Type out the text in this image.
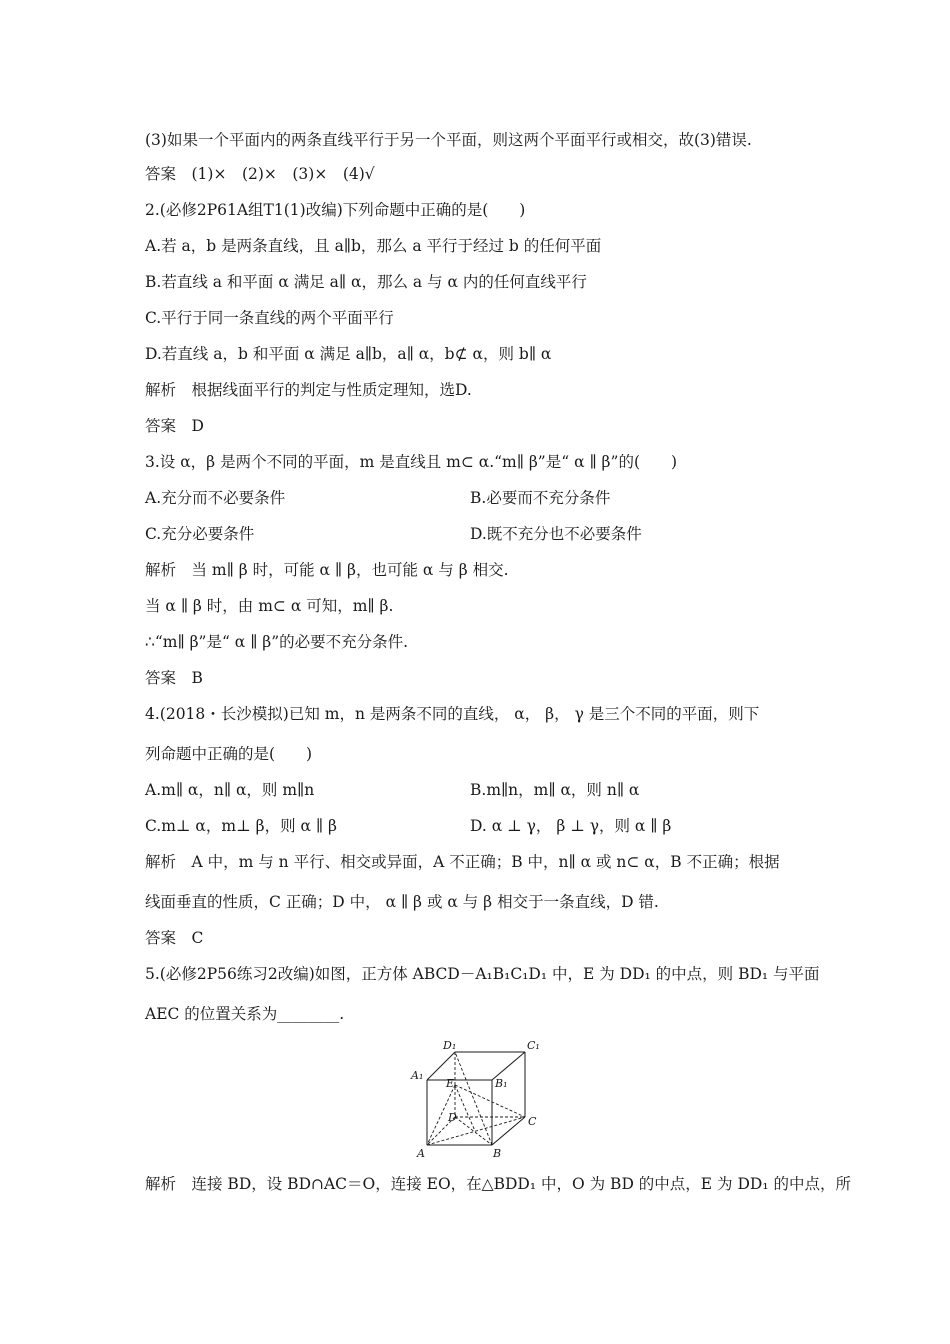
(3)如果一个平面内的两条直线平行于另一个平面，则这两个平面平行或相交，故(3)错误.
答案　(1)×　(2)×　(3)×　(4)√
2.(必修2P61A组T1(1)改编)下列命题中正确的是(　　)
A.若 a，b 是两条直线，且 a∥b，那么 a 平行于经过 b 的任何平面
B.若直线 a 和平面 α 满足 a∥ α，那么 a 与 α 内的任何直线平行
C.平行于同一条直线的两个平面平行
D.若直线 a，b 和平面 α 满足 a∥b，a∥ α，b⊄ α，则 b∥ α
解析　根据线面平行的判定与性质定理知，选D.
答案　D
3.设 α，β 是两个不同的平面，m 是直线且 m⊂ α.“m∥ β”是“ α ∥ β”的(　　)
A.充分而不必要条件	B.必要而不充分条件
C.充分必要条件	D.既不充分也不必要条件
解析　当 m∥ β 时，可能 α ∥ β，也可能 α 与 β 相交.
当 α ∥ β 时，由 m⊂ α 可知，m∥ β.
∴“m∥ β”是“ α ∥ β”的必要不充分条件.
答案　B
4.(2018・长沙模拟)已知 m，n 是两条不同的直线， α， β， γ 是三个不同的平面，则下
列命题中正确的是(　　)
A.m∥ α，n∥ α，则 m∥n	B.m∥n，m∥ α，则 n∥ α
C.m⊥ α，m⊥ β，则 α ∥ β	D. α ⊥ γ， β ⊥ γ，则 α ∥ β
解析　A 中，m 与 n 平行、相交或异面，A 不正确；B 中，n∥ α 或 n⊂ α，B 不正确；根据
线面垂直的性质，C 正确；D 中， α ∥ β 或 α 与 β 相交于一条直线，D 错.
答案　C
5.(必修2P56练习2改编)如图，正方体 ABCD－A₁B₁C₁D₁ 中，E 为 DD₁ 的中点，则 BD₁ 与平面
AEC 的位置关系为________.
D₁	C₁
A₁
B₁
E
D	C
A	B
解析　连接 BD，设 BD∩AC＝O，连接 EO，在△BDD₁ 中，O 为 BD 的中点，E 为 DD₁ 的中点，所
